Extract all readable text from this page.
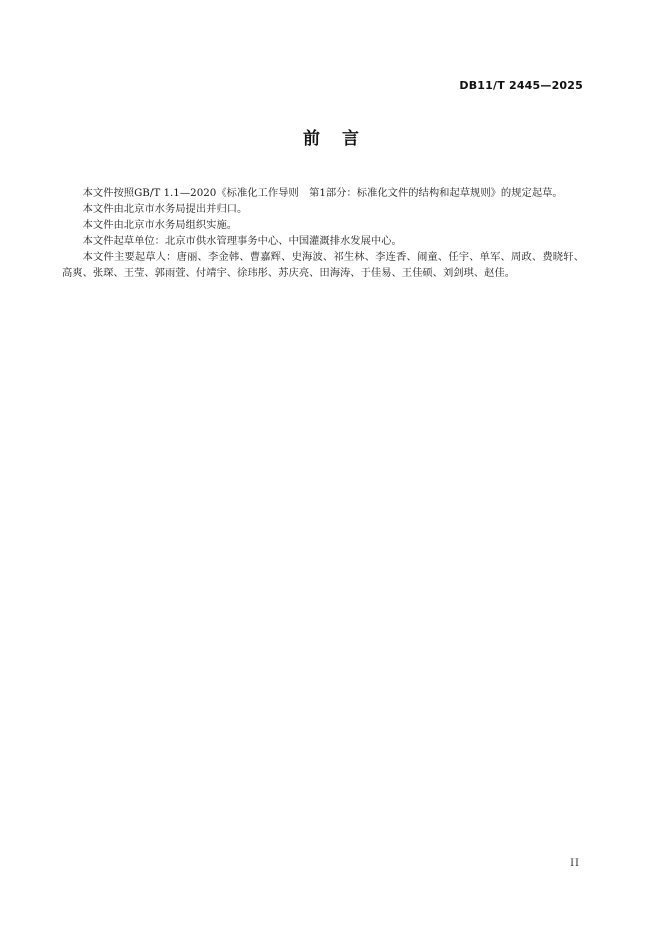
DB11/T 2445—2025
前 言

本文件按照GB/T 1.1—2020《标准化工作导则　第1部分：标准化文件的结构和起草规则》的规定起草。

本文件由北京市水务局提出并归口。

本文件由北京市水务局组织实施。

本文件起草单位：北京市供水管理事务中心、中国灌溉排水发展中心。

本文件主要起草人：唐丽、李金韩、曹嘉辉、史海波、祁生林、李连香、闹童、任宇、单军、周政、费晓轩、高爽、张琛、王莹、郭雨萱、付靖宇、徐玮彤、苏庆亮、田海涛、于佳易、王佳硕、刘剑琪、赵佳。

II
